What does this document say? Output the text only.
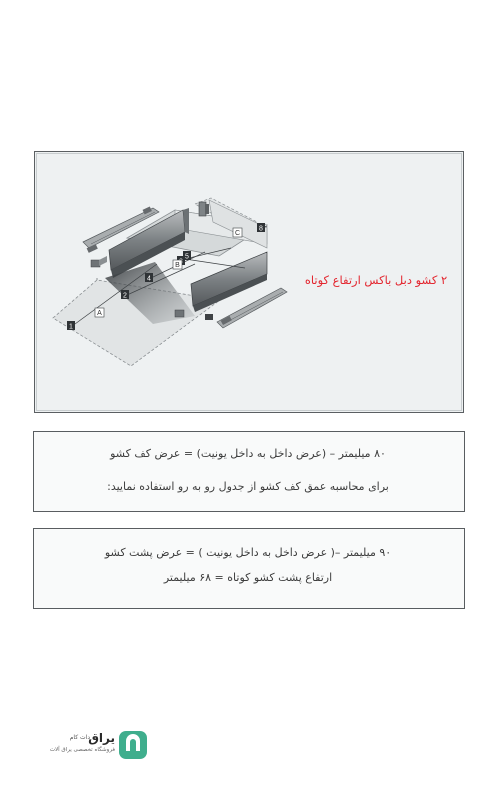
1
2
4
5
8
A
B
C
۲ کشو دبل باکس ارتفاع کوتاه
۸۰ میلیمتر – (عرض داخل به داخل یونیت) = عرض کف کشو
برای محاسبه عمق کف کشو از جدول رو به رو استفاده نمایید:
۹۰ میلیمتر –( عرض داخل به داخل یونیت ) = عرض پشت کشو
ارتفاع پشت کشو کوتاه = ۶۸ میلیمتر
یراق
دات کام
فروشگاه تخصصی یراق آلات
